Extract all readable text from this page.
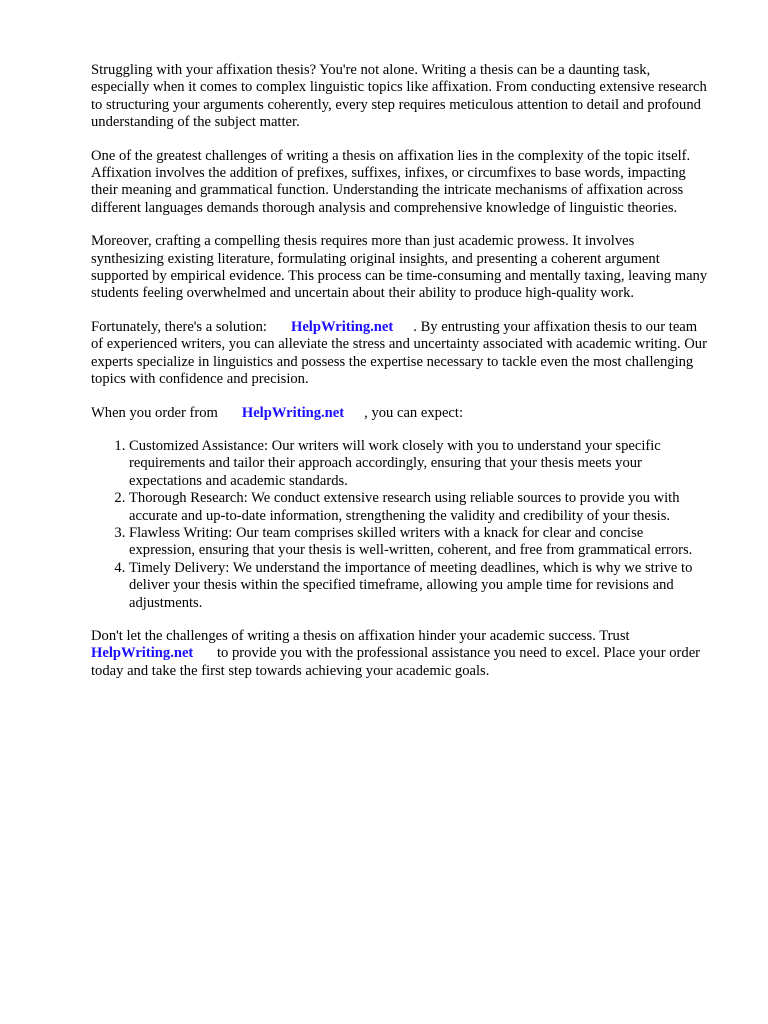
Struggling with your affixation thesis? You're not alone. Writing a thesis can be a daunting task, especially when it comes to complex linguistic topics like affixation. From conducting extensive research to structuring your arguments coherently, every step requires meticulous attention to detail and profound understanding of the subject matter.

One of the greatest challenges of writing a thesis on affixation lies in the complexity of the topic itself. Affixation involves the addition of prefixes, suffixes, infixes, or circumfixes to base words, impacting their meaning and grammatical function. Understanding the intricate mechanisms of affixation across different languages demands thorough analysis and comprehensive knowledge of linguistic theories.

Moreover, crafting a compelling thesis requires more than just academic prowess. It involves synthesizing existing literature, formulating original insights, and presenting a coherent argument supported by empirical evidence. This process can be time-consuming and mentally taxing, leaving many students feeling overwhelmed and uncertain about their ability to produce high-quality work.

Fortunately, there's a solution: HelpWriting.net . By entrusting your affixation thesis to our team of experienced writers, you can alleviate the stress and uncertainty associated with academic writing. Our experts specialize in linguistics and possess the expertise necessary to tackle even the most challenging topics with confidence and precision.

When you order from HelpWriting.net , you can expect:

1. Customized Assistance: Our writers will work closely with you to understand your specific requirements and tailor their approach accordingly, ensuring that your thesis meets your expectations and academic standards.
2. Thorough Research: We conduct extensive research using reliable sources to provide you with accurate and up-to-date information, strengthening the validity and credibility of your thesis.
3. Flawless Writing: Our team comprises skilled writers with a knack for clear and concise expression, ensuring that your thesis is well-written, coherent, and free from grammatical errors.
4. Timely Delivery: We understand the importance of meeting deadlines, which is why we strive to deliver your thesis within the specified timeframe, allowing you ample time for revisions and adjustments.

Don't let the challenges of writing a thesis on affixation hinder your academic success. Trust HelpWriting.net to provide you with the professional assistance you need to excel. Place your order today and take the first step towards achieving your academic goals.
